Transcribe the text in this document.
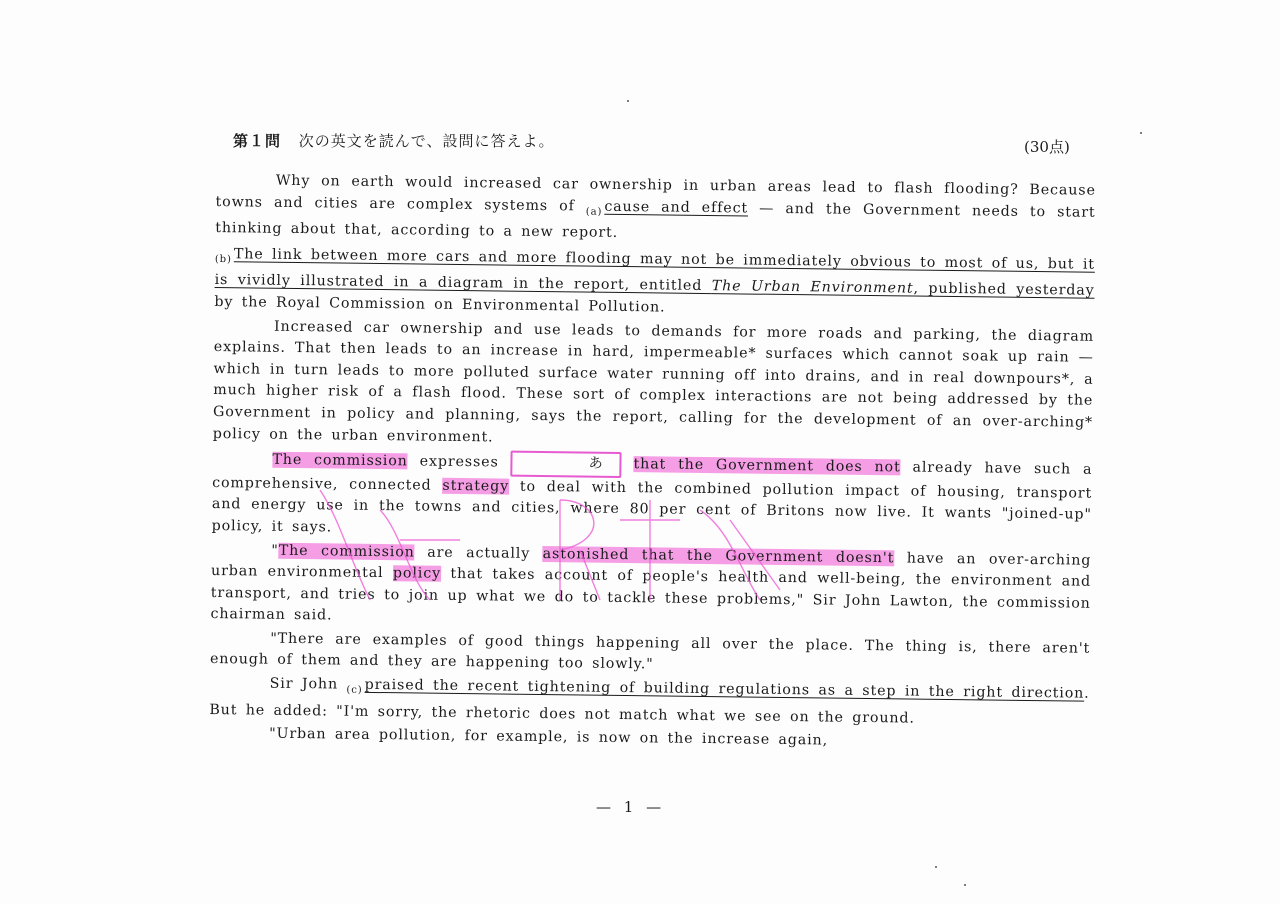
第１問 次の英文を読んで、設問に答えよ。	(30点)

Why on earth would increased car ownership in urban areas lead to flash flooding? Because towns and cities are complex systems of $_{(a)}$ cause and effect — and the Government needs to start thinking about that, according to a new report.

$_{(b)}$ The link between more cars and more flooding may not be immediately obvious to most of us, but it is vividly illustrated in a diagram in the report, entitled The Urban Environment, published yesterday by the Royal Commission on Environmental Pollution.

Increased car ownership and use leads to demands for more roads and parking, the diagram explains. That then leads to an increase in hard, impermeable* surfaces which cannot soak up rain — which in turn leads to more polluted surface water running off into drains, and in real downpours*, a much higher risk of a flash flood. These sort of complex interactions are not being addressed by the Government in policy and planning, says the report, calling for the development of an over-arching* policy on the urban environment.

The commission expresses	あ that the Government does not already have such a comprehensive, connected strategy to deal with the combined pollution impact of housing, transport and energy use in the towns and cities, where 80 per cent of Britons now live. It wants "joined-up" policy, it says.

"The commission are actually astonished that the Government doesn't have an over-arching urban environmental policy that takes account of people's health and well-being, the environment and transport, and tries to join up what we do to tackle these problems," Sir John Lawton, the commission chairman said.

"There are examples of good things happening all over the place. The thing is, there aren't enough of them and they are happening too slowly."

Sir John $_{(c)}$ praised the recent tightening of building regulations as a step in the right direction. But he added: "I'm sorry, the rhetoric does not match what we see on the ground.

"Urban area pollution, for example, is now on the increase again,

— 1 —
